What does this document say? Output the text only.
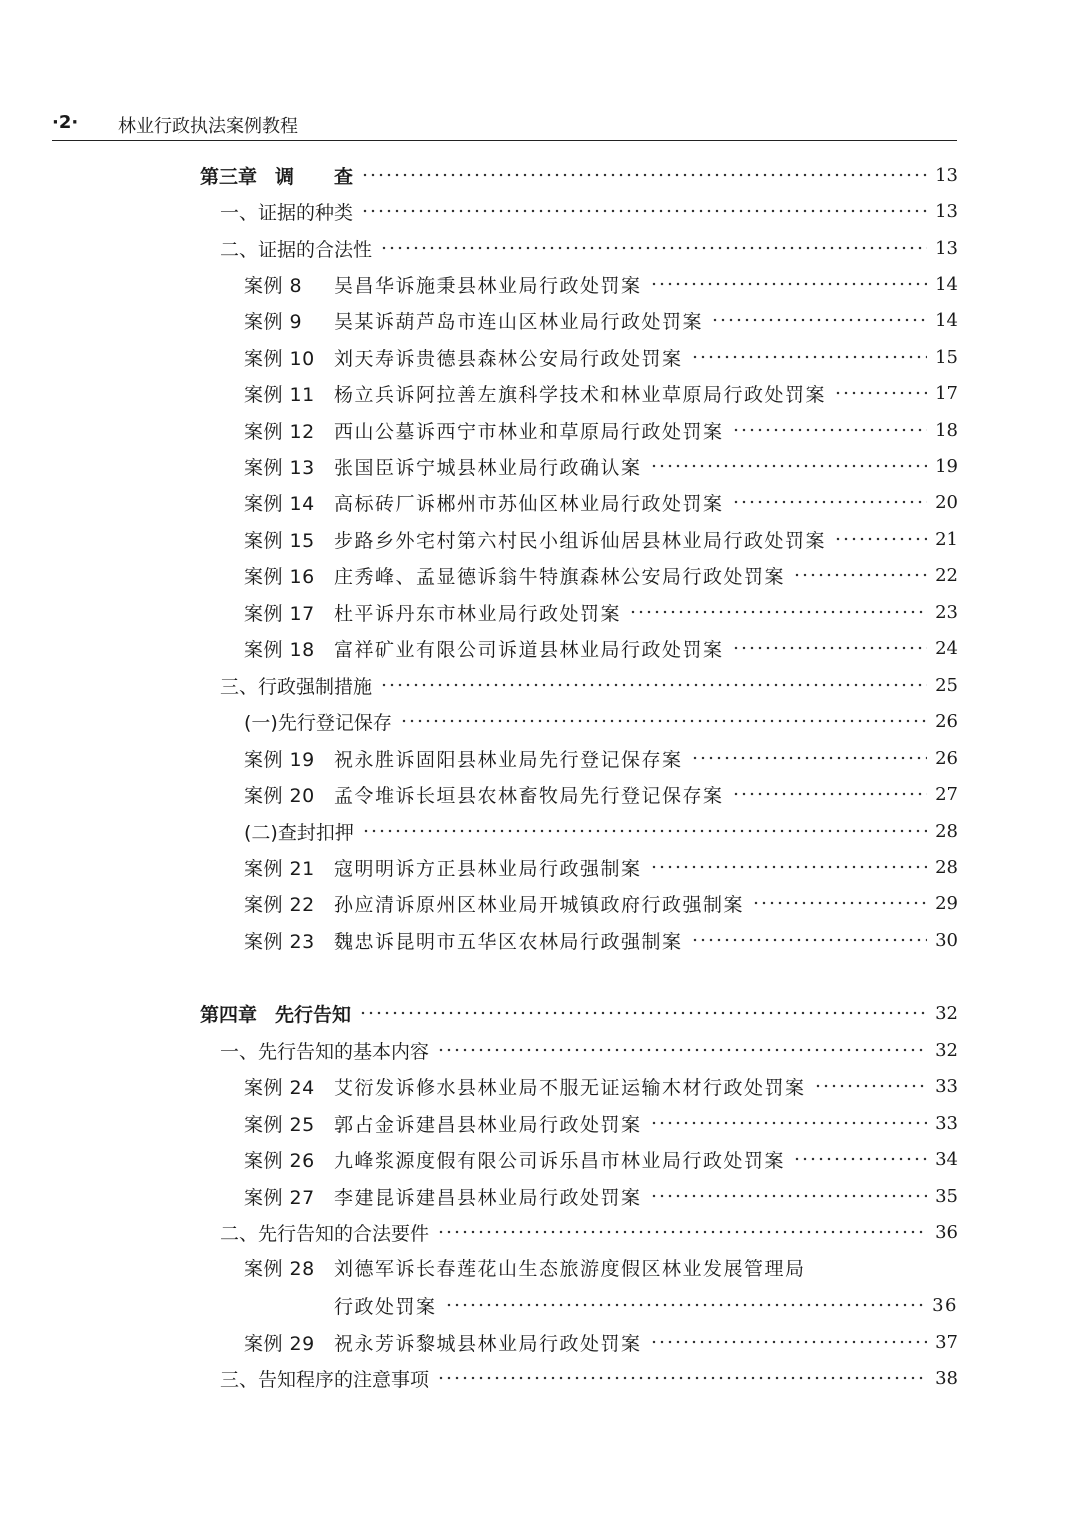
·2· 林业行政执法案例教程
第三章 调 查	13
一、证据的种类	13
二、证据的合法性	13
案例 8 吴昌华诉施秉县林业局行政处罚案	14
案例 9 吴某诉葫芦岛市连山区林业局行政处罚案	14
案例 10 刘天寿诉贵德县森林公安局行政处罚案	15
案例 11 杨立兵诉阿拉善左旗科学技术和林业草原局行政处罚案	17
案例 12 西山公墓诉西宁市林业和草原局行政处罚案	18
案例 13 张国臣诉宁城县林业局行政确认案	19
案例 14 高标砖厂诉郴州市苏仙区林业局行政处罚案	20
案例 15 步路乡外宅村第六村民小组诉仙居县林业局行政处罚案	21
案例 16 庄秀峰、孟显德诉翁牛特旗森林公安局行政处罚案	22
案例 17 杜平诉丹东市林业局行政处罚案	23
案例 18 富祥矿业有限公司诉道县林业局行政处罚案	24
三、行政强制措施	25
(一)先行登记保存	26
案例 19 祝永胜诉固阳县林业局先行登记保存案	26
案例 20 孟令堆诉长垣县农林畜牧局先行登记保存案	27
(二)查封扣押	28
案例 21 寇明明诉方正县林业局行政强制案	28
案例 22 孙应清诉原州区林业局开城镇政府行政强制案	29
案例 23 魏忠诉昆明市五华区农林局行政强制案	30
第四章 先行告知	32
一、先行告知的基本内容	32
案例 24 艾衍发诉修水县林业局不服无证运输木材行政处罚案	33
案例 25 郭占金诉建昌县林业局行政处罚案	33
案例 26 九峰浆源度假有限公司诉乐昌市林业局行政处罚案	34
案例 27 李建昆诉建昌县林业局行政处罚案	35
二、先行告知的合法要件	36
案例 28 刘德军诉长春莲花山生态旅游度假区林业发展管理局
行政处罚案	36
案例 29 祝永芳诉黎城县林业局行政处罚案	37
三、告知程序的注意事项	38
